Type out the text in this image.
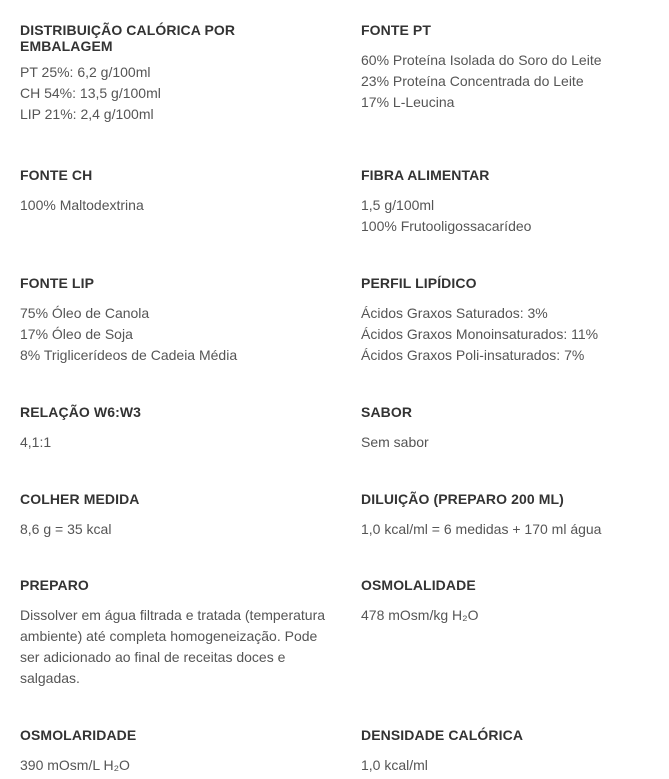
DISTRIBUIÇÃO CALÓRICA POR EMBALAGEM
PT 25%: 6,2 g/100ml
CH 54%: 13,5 g/100ml
LIP 21%: 2,4 g/100ml
FONTE PT
60% Proteína Isolada do Soro do Leite
23% Proteína Concentrada do Leite
17% L-Leucina
FONTE CH
100% Maltodextrina
FIBRA ALIMENTAR
1,5 g/100ml
100% Frutooligossacarídeo
FONTE LIP
75% Óleo de Canola
17% Óleo de Soja
8% Triglicerídeos de Cadeia Média
PERFIL LIPÍDICO
Ácidos Graxos Saturados: 3%
Ácidos Graxos Monoinsaturados: 11%
Ácidos Graxos Poli-insaturados: 7%
RELAÇÃO W6:W3
4,1:1
SABOR
Sem sabor
COLHER MEDIDA
8,6 g = 35 kcal
DILUIÇÃO (PREPARO 200 ML)
1,0 kcal/ml = 6 medidas + 170 ml água
PREPARO
Dissolver em água filtrada e tratada (temperatura ambiente) até completa homogeneização. Pode ser adicionado ao final de receitas doces e salgadas.
OSMOLALIDADE
478 mOsm/kg H₂O
OSMOLARIDADE
390 mOsm/L H₂O
DENSIDADE CALÓRICA
1,0 kcal/ml
